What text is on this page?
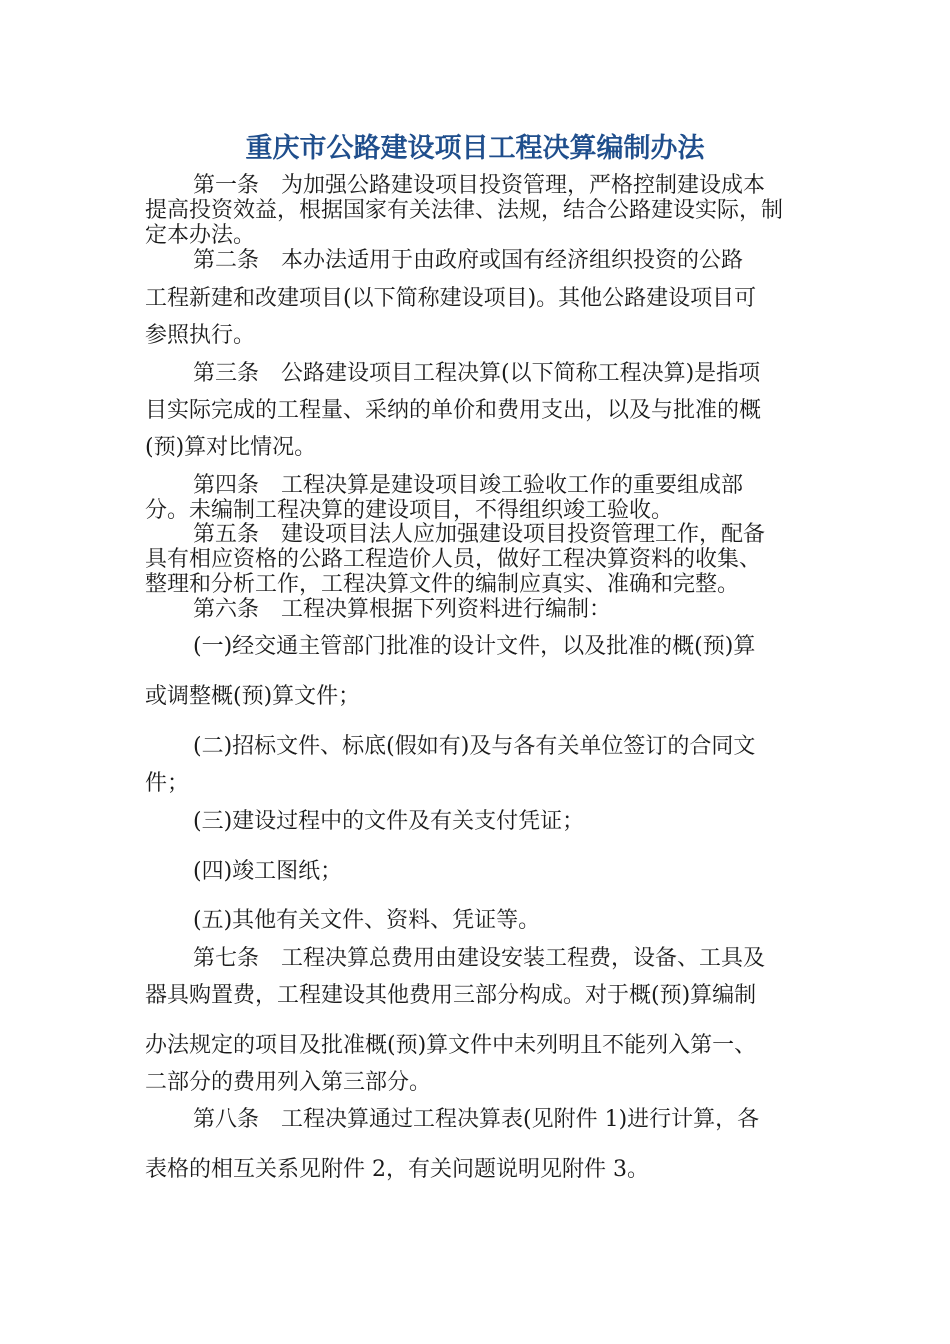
重庆市公路建设项目工程决算编制办法
第一条　为加强公路建设项目投资管理，严格控制建设成本
提高投资效益，根据国家有关法律、法规，结合公路建设实际，制
定本办法。
第二条　本办法适用于由政府或国有经济组织投资的公路
工程新建和改建项目(以下简称建设项目)。其他公路建设项目可
参照执行。
第三条　公路建设项目工程决算(以下简称工程决算)是指项
目实际完成的工程量、采纳的单价和费用支出，以及与批准的概
(预)算对比情况。
第四条　工程决算是建设项目竣工验收工作的重要组成部
分。未编制工程决算的建设项目，不得组织竣工验收。
第五条　建设项目法人应加强建设项目投资管理工作，配备
具有相应资格的公路工程造价人员，做好工程决算资料的收集、
整理和分析工作，工程决算文件的编制应真实、准确和完整。
第六条　工程决算根据下列资料进行编制：
(一)经交通主管部门批准的设计文件，以及批准的概(预)算
或调整概(预)算文件；
(二)招标文件、标底(假如有)及与各有关单位签订的合同文
件；
(三)建设过程中的文件及有关支付凭证；
(四)竣工图纸；
(五)其他有关文件、资料、凭证等。
第七条　工程决算总费用由建设安装工程费，设备、工具及
器具购置费，工程建设其他费用三部分构成。对于概(预)算编制
办法规定的项目及批准概(预)算文件中未列明且不能列入第一、
二部分的费用列入第三部分。
第八条　工程决算通过工程决算表(见附件 1)进行计算，各
表格的相互关系见附件 2，有关问题说明见附件 3。
